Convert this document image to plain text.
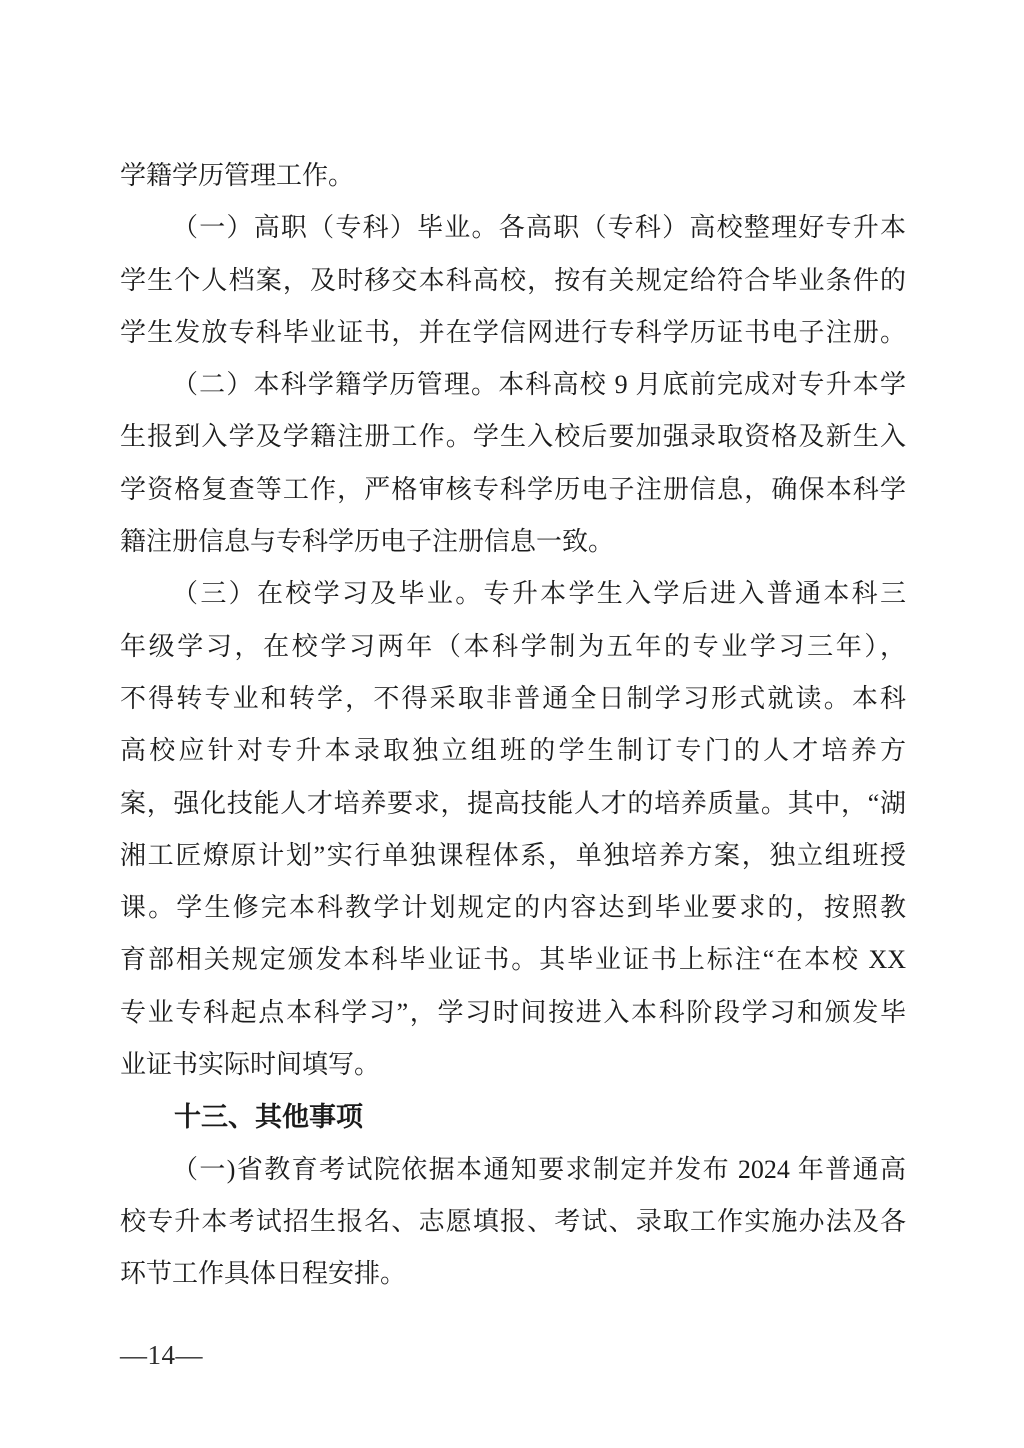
学籍学历管理工作。
（一）高职（专科）毕业。各高职（专科）高校整理好专升本
学生个人档案，及时移交本科高校，按有关规定给符合毕业条件的
学生发放专科毕业证书，并在学信网进行专科学历证书电子注册。
（二）本科学籍学历管理。本科高校 9 月底前完成对专升本学
生报到入学及学籍注册工作。学生入校后要加强录取资格及新生入
学资格复查等工作，严格审核专科学历电子注册信息，确保本科学
籍注册信息与专科学历电子注册信息一致。
（三）在校学习及毕业。专升本学生入学后进入普通本科三
年级学习，在校学习两年（本科学制为五年的专业学习三年），
不得转专业和转学，不得采取非普通全日制学习形式就读。本科
高校应针对专升本录取独立组班的学生制订专门的人才培养方
案，强化技能人才培养要求，提高技能人才的培养质量。其中，“湖
湘工匠燎原计划”实行单独课程体系，单独培养方案，独立组班授
课。学生修完本科教学计划规定的内容达到毕业要求的，按照教
育部相关规定颁发本科毕业证书。其毕业证书上标注“在本校 XX
专业专科起点本科学习”，学习时间按进入本科阶段学习和颁发毕
业证书实际时间填写。
十三、其他事项
（一)省教育考试院依据本通知要求制定并发布 2024 年普通高
校专升本考试招生报名、志愿填报、考试、录取工作实施办法及各
环节工作具体日程安排。
—14—
